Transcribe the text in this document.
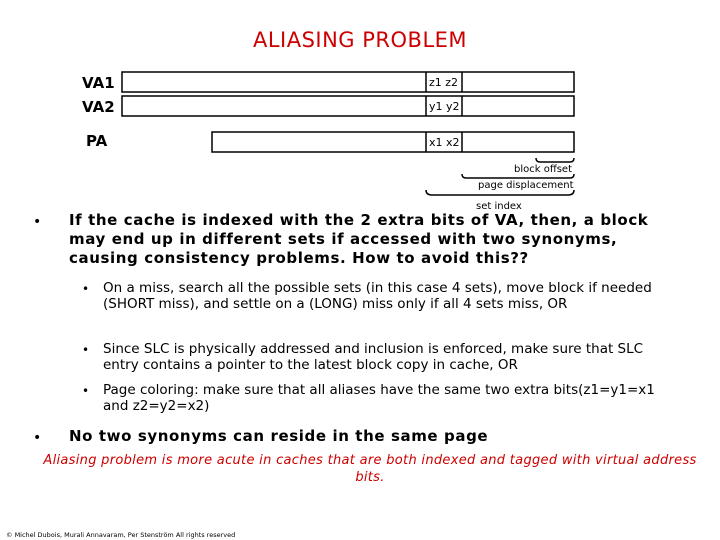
ALIASING PROBLEM
VA1
VA2
PA
z1 z2
y1 y2
x1 x2
block offset
page displacement
set index
• If the cache is indexed with the 2 extra bits of VA, then, a block may end up in different sets if accessed with two synonyms, causing consistency problems. How to avoid this??
• On a miss, search all the possible sets (in this case 4 sets), move block if needed (SHORT miss), and settle on a (LONG) miss only if all 4 sets miss, OR
• Since SLC is physically addressed and inclusion is enforced, make sure that SLC entry contains a pointer to the latest block copy in cache, OR
• Page coloring: make sure that all aliases have the same two extra bits(z1=y1=x1 and z2=y2=x2)
• No two synonyms can reside in the same page
Aliasing problem is more acute in caches that are both indexed and tagged with virtual address bits.
© Michel Dubois, Murali Annavaram, Per Stenström All rights reserved
